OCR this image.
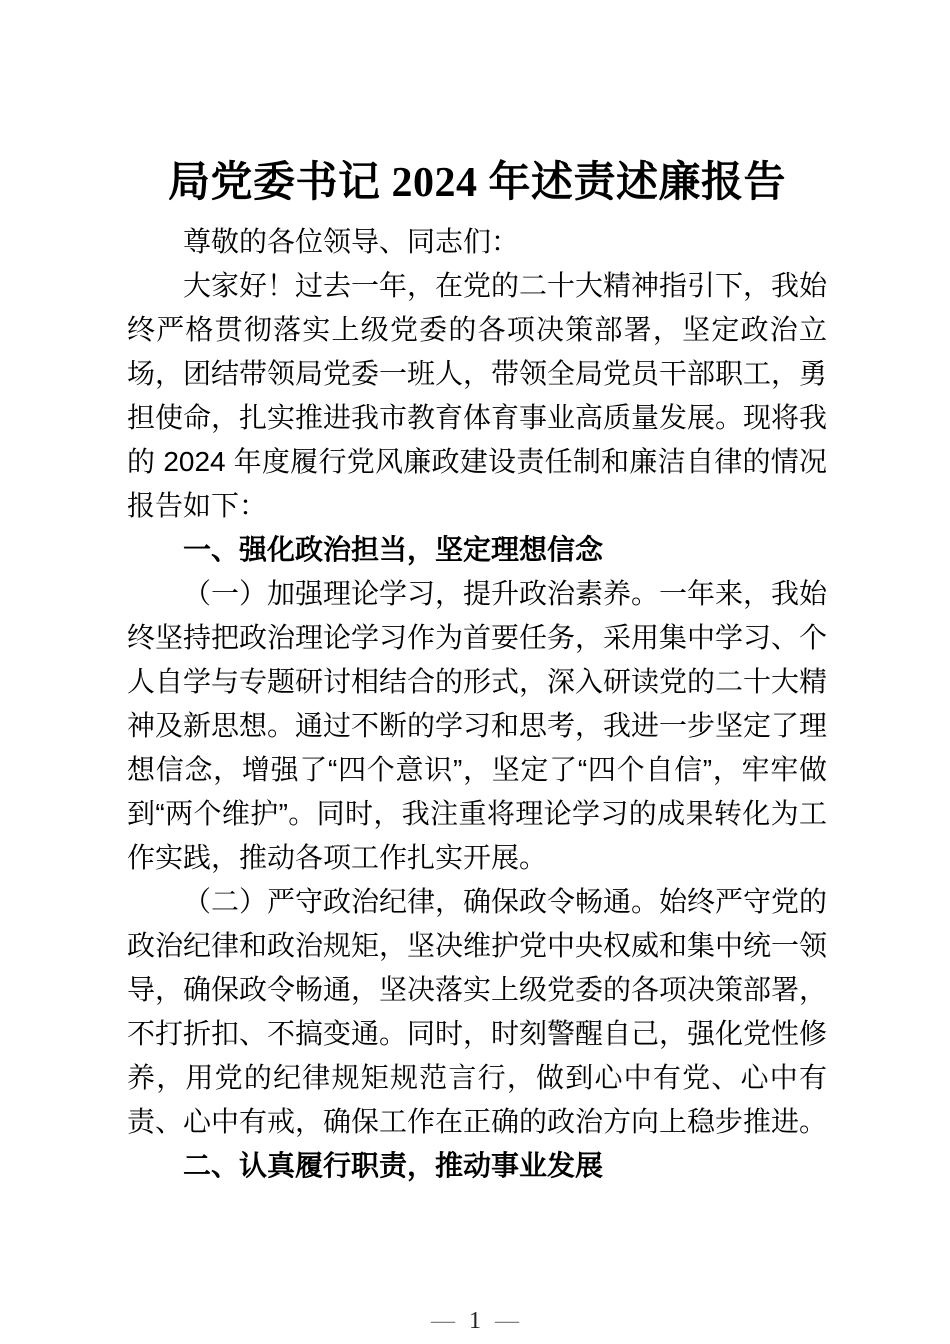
局党委书记 2024 年述责述廉报告

尊敬的各位领导、同志们：

大家好！过去一年，在党的二十大精神指引下，我始终严格贯彻落实上级党委的各项决策部署，坚定政治立场，团结带领局党委一班人，带领全局党员干部职工，勇担使命，扎实推进我市教育体育事业高质量发展。现将我的 2024 年度履行党风廉政建设责任制和廉洁自律的情况报告如下：

一、强化政治担当，坚定理想信念

（一）加强理论学习，提升政治素养。一年来，我始终坚持把政治理论学习作为首要任务，采用集中学习、个人自学与专题研讨相结合的形式，深入研读党的二十大精神及新思想。通过不断的学习和思考，我进一步坚定了理想信念，增强了“四个意识”，坚定了“四个自信”，牢牢做到“两个维护”。同时，我注重将理论学习的成果转化为工作实践，推动各项工作扎实开展。

（二）严守政治纪律，确保政令畅通。始终严守党的政治纪律和政治规矩，坚决维护党中央权威和集中统一领导，确保政令畅通，坚决落实上级党委的各项决策部署，不打折扣、不搞变通。同时，时刻警醒自己，强化党性修养，用党的纪律规矩规范言行，做到心中有党、心中有责、心中有戒，确保工作在正确的政治方向上稳步推进。

二、认真履行职责，推动事业发展

— 1 —
